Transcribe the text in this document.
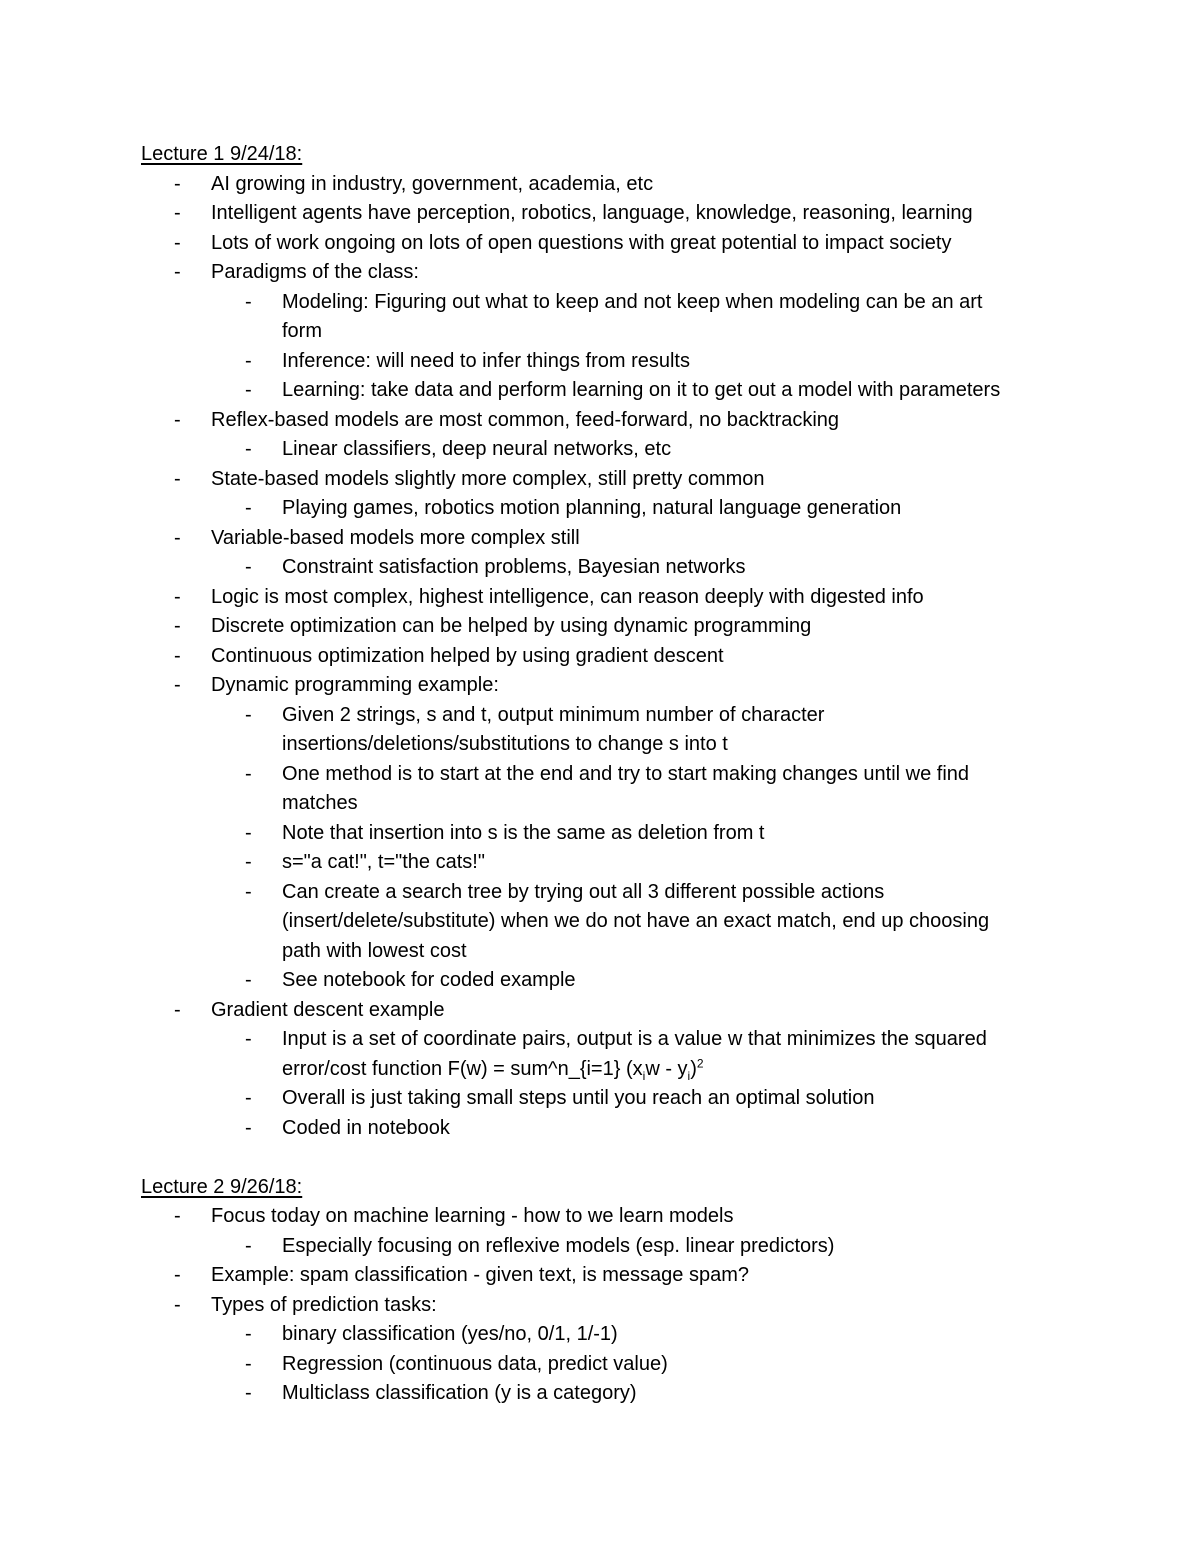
Lecture 1 9/24/18:
- AI growing in industry, government, academia, etc
- Intelligent agents have perception, robotics, language, knowledge, reasoning, learning
- Lots of work ongoing on lots of open questions with great potential to impact society
- Paradigms of the class:
- Modeling: Figuring out what to keep and not keep when modeling can be an art
form
- Inference: will need to infer things from results
- Learning: take data and perform learning on it to get out a model with parameters
- Reflex-based models are most common, feed-forward, no backtracking
- Linear classifiers, deep neural networks, etc
- State-based models slightly more complex, still pretty common
- Playing games, robotics motion planning, natural language generation
- Variable-based models more complex still
- Constraint satisfaction problems, Bayesian networks
- Logic is most complex, highest intelligence, can reason deeply with digested info
- Discrete optimization can be helped by using dynamic programming
- Continuous optimization helped by using gradient descent
- Dynamic programming example:
- Given 2 strings, s and t, output minimum number of character
insertions/deletions/substitutions to change s into t
- One method is to start at the end and try to start making changes until we find
matches
- Note that insertion into s is the same as deletion from t
- s="a cat!", t="the cats!"
- Can create a search tree by trying out all 3 different possible actions
(insert/delete/substitute) when we do not have an exact match, end up choosing
path with lowest cost
- See notebook for coded example
- Gradient descent example
- Input is a set of coordinate pairs, output is a value w that minimizes the squared
error/cost function F(w) = sum^n_{i=1} $(x_iw - y_i)^2$
- Overall is just taking small steps until you reach an optimal solution
- Coded in notebook
Lecture 2 9/26/18:
- Focus today on machine learning - how to we learn models
- Especially focusing on reflexive models (esp. linear predictors)
- Example: spam classification - given text, is message spam?
- Types of prediction tasks:
- binary classification (yes/no, 0/1, 1/-1)
- Regression (continuous data, predict value)
- Multiclass classification (y is a category)
